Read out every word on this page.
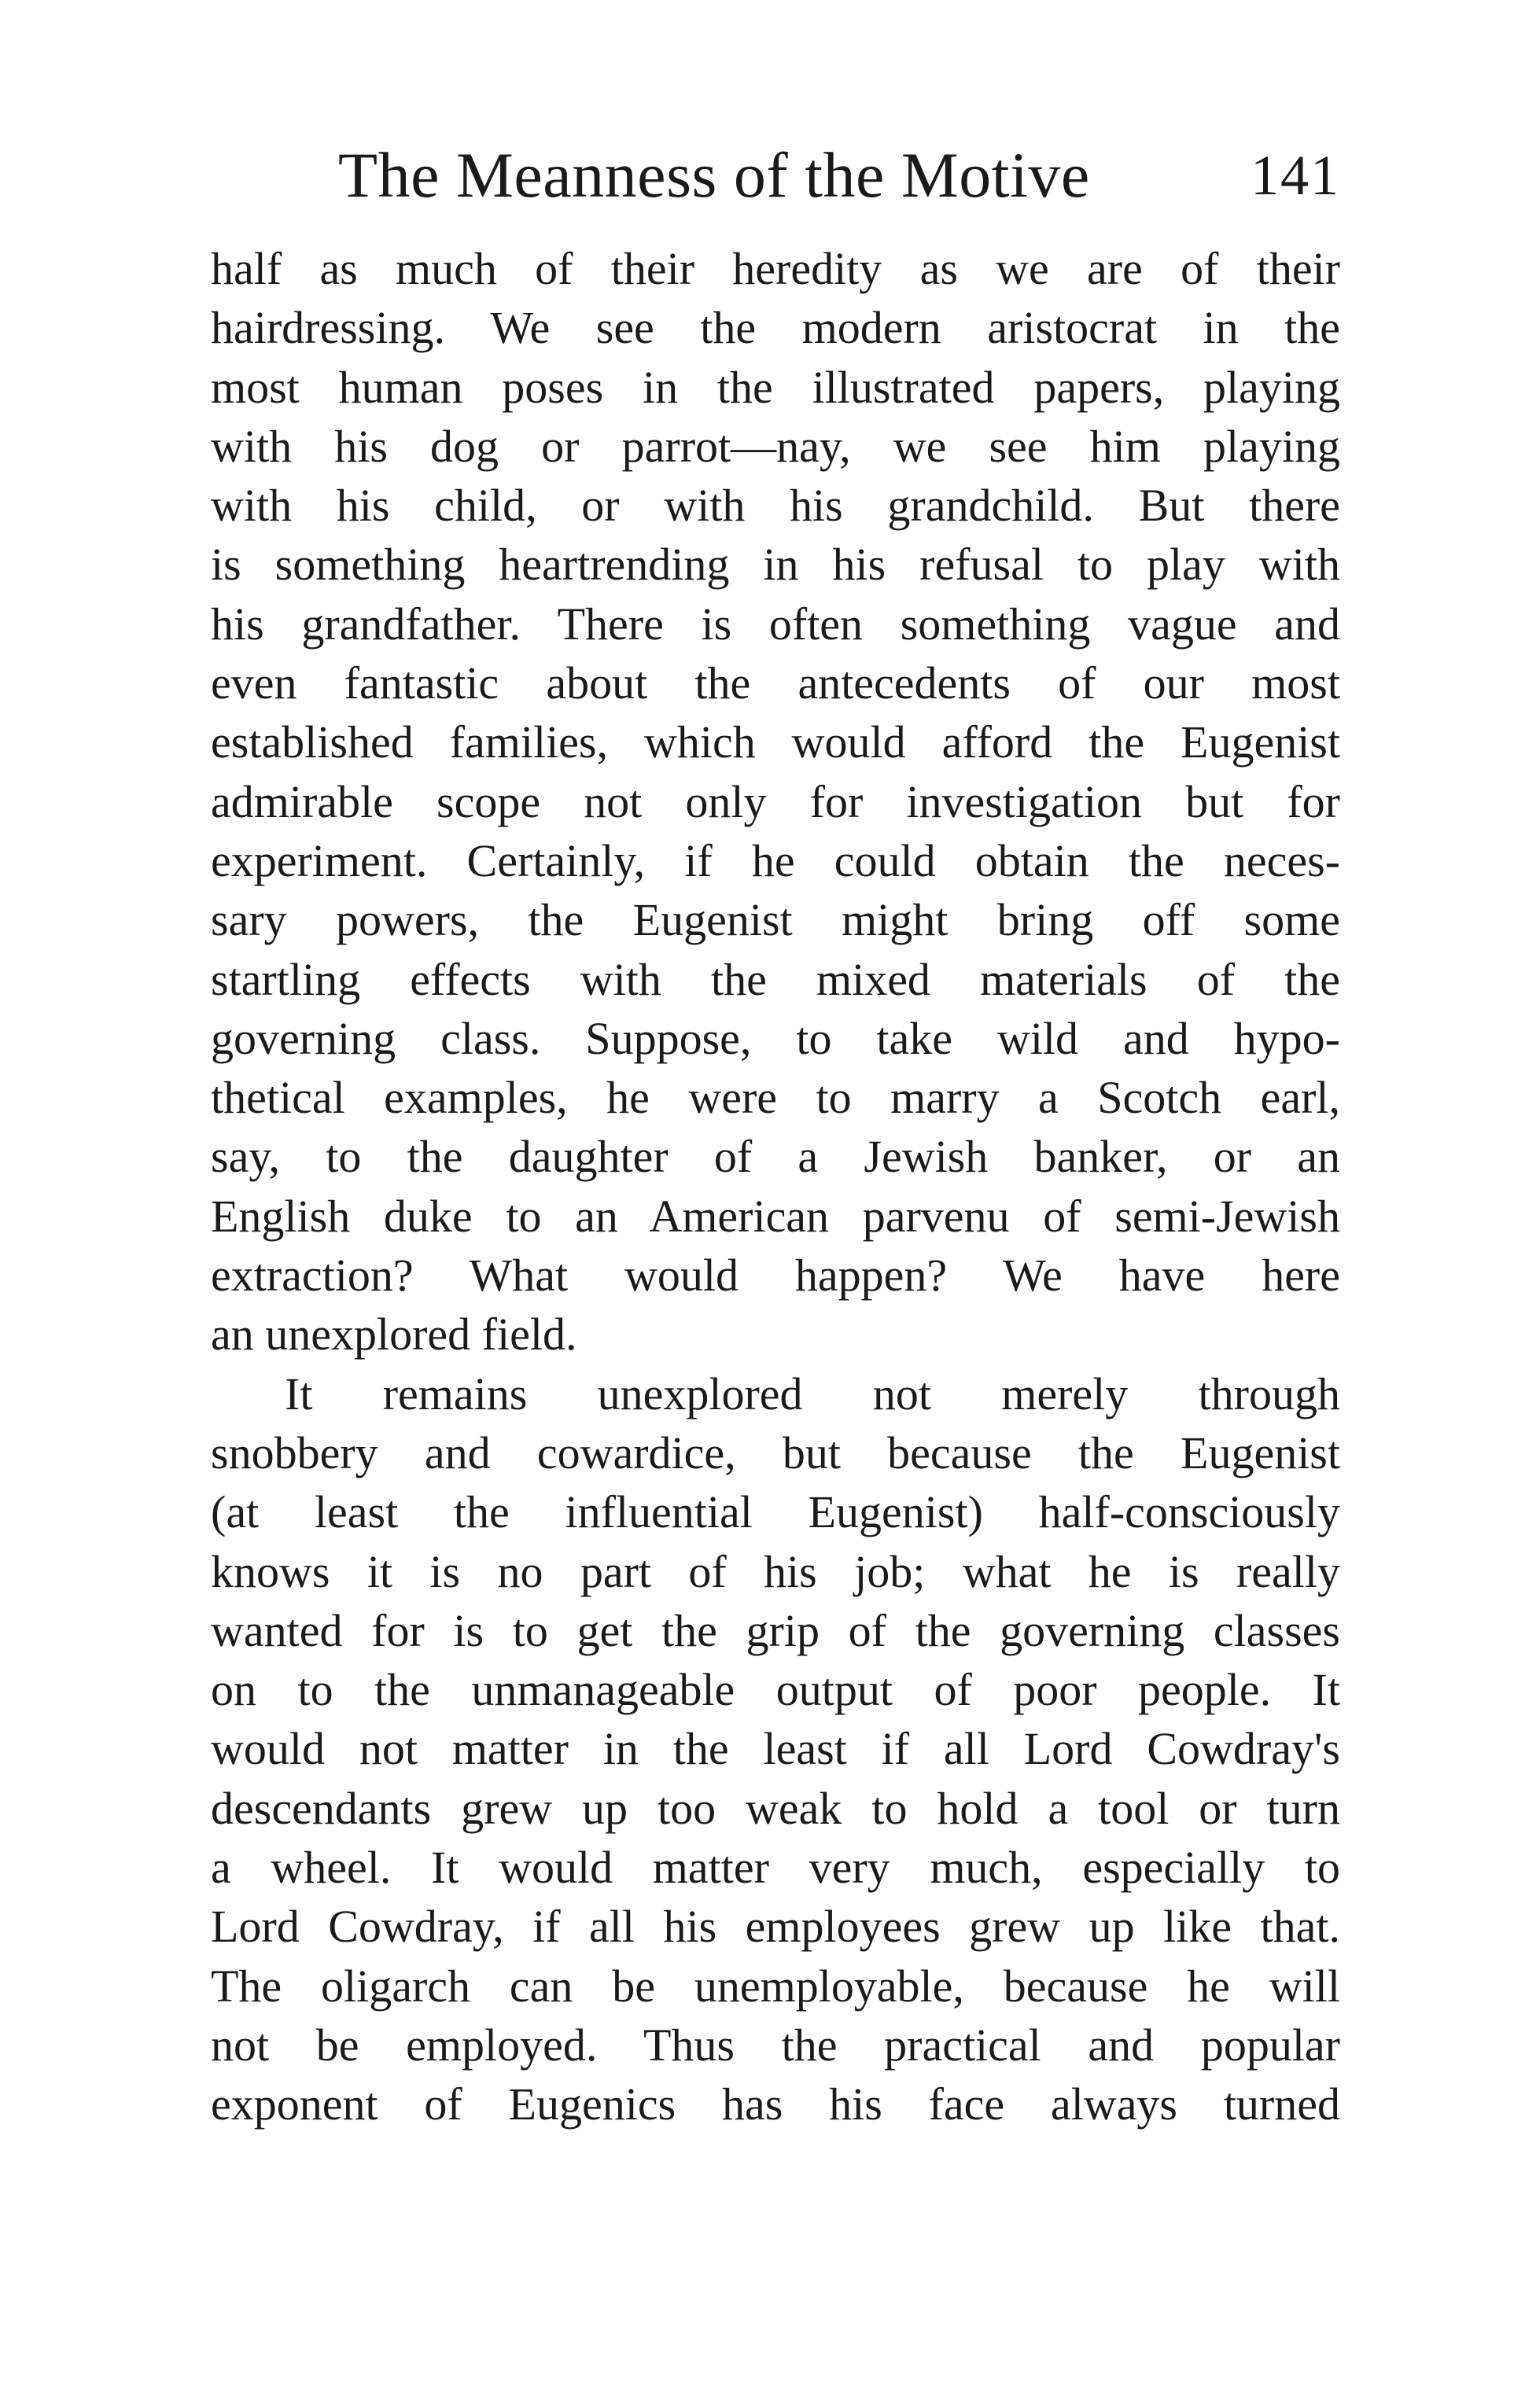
The Meanness of the Motive	141
half as much of their heredity as we are of their
hairdressing. We see the modern aristocrat in the
most human poses in the illustrated papers, playing
with his dog or parrot—nay, we see him playing
with his child, or with his grandchild. But there
is something heartrending in his refusal to play with
his grandfather. There is often something vague and
even fantastic about the antecedents of our most
established families, which would afford the Eugenist
admirable scope not only for investigation but for
experiment. Certainly, if he could obtain the neces-
sary powers, the Eugenist might bring off some
startling effects with the mixed materials of the
governing class. Suppose, to take wild and hypo-
thetical examples, he were to marry a Scotch earl,
say, to the daughter of a Jewish banker, or an
English duke to an American parvenu of semi-Jewish
extraction? What would happen? We have here
an unexplored field.
It remains unexplored not merely through
snobbery and cowardice, but because the Eugenist
(at least the influential Eugenist) half-consciously
knows it is no part of his job; what he is really
wanted for is to get the grip of the governing classes
on to the unmanageable output of poor people. It
would not matter in the least if all Lord Cowdray's
descendants grew up too weak to hold a tool or turn
a wheel. It would matter very much, especially to
Lord Cowdray, if all his employees grew up like that.
The oligarch can be unemployable, because he will
not be employed. Thus the practical and popular
exponent of Eugenics has his face always turned
